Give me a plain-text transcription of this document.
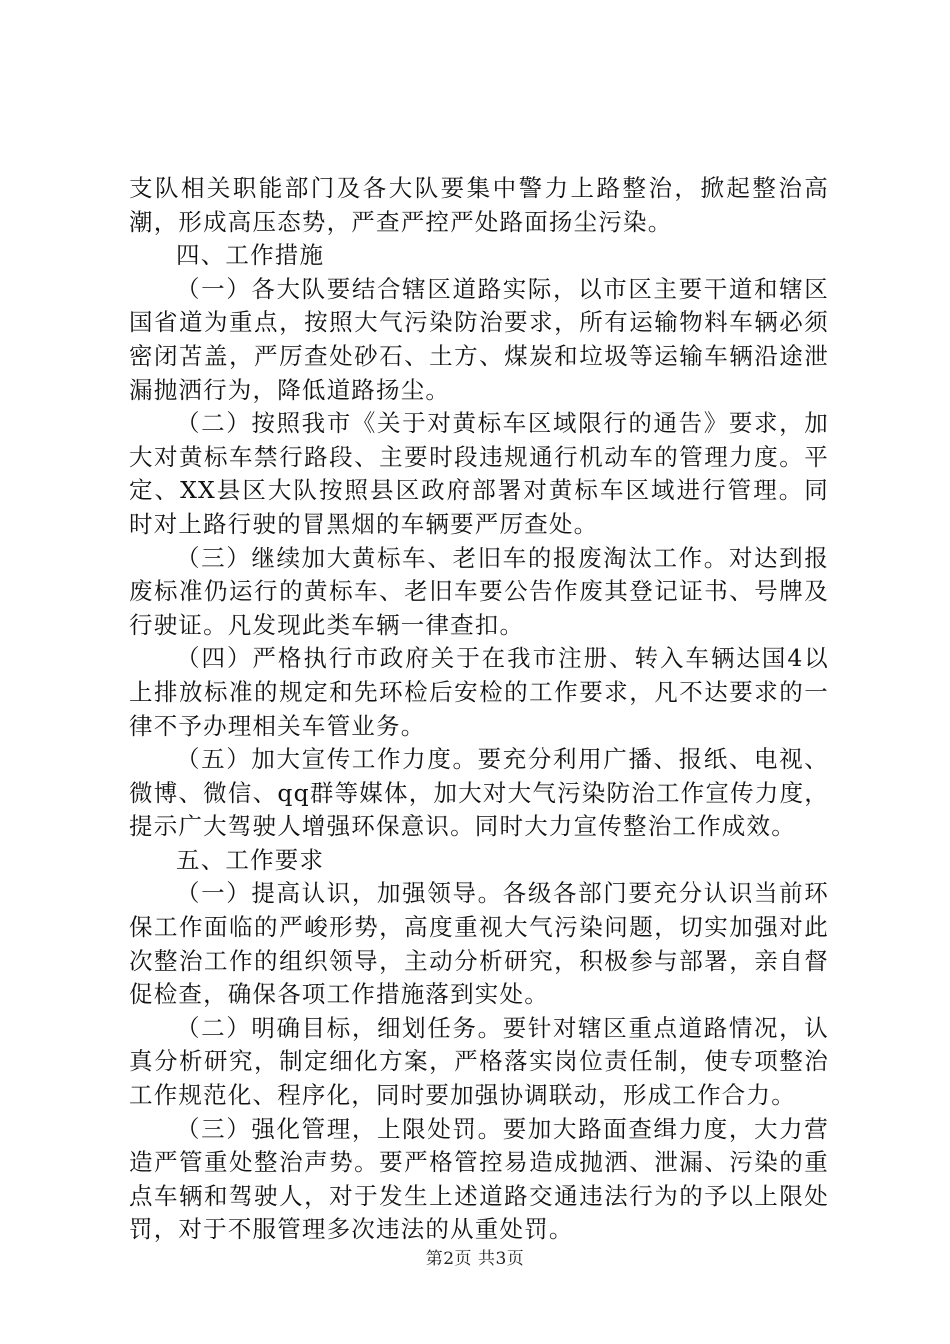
支队相关职能部门及各大队要集中警力上路整治，掀起整治高潮，形成高压态势，严查严控严处路面扬尘污染。

四、工作措施

（一）各大队要结合辖区道路实际，以市区主要干道和辖区国省道为重点，按照大气污染防治要求，所有运输物料车辆必须密闭苫盖，严厉查处砂石、土方、煤炭和垃圾等运输车辆沿途泄漏抛洒行为，降低道路扬尘。

（二）按照我市《关于对黄标车区域限行的通告》要求，加大对黄标车禁行路段、主要时段违规通行机动车的管理力度。平定、XX县区大队按照县区政府部署对黄标车区域进行管理。同时对上路行驶的冒黑烟的车辆要严厉查处。

（三）继续加大黄标车、老旧车的报废淘汰工作。对达到报废标准仍运行的黄标车、老旧车要公告作废其登记证书、号牌及行驶证。凡发现此类车辆一律查扣。

（四）严格执行市政府关于在我市注册、转入车辆达国4以上排放标准的规定和先环检后安检的工作要求，凡不达要求的一律不予办理相关车管业务。

（五）加大宣传工作力度。要充分利用广播、报纸、电视、微博、微信、qq群等媒体，加大对大气污染防治工作宣传力度，提示广大驾驶人增强环保意识。同时大力宣传整治工作成效。

五、工作要求

（一）提高认识，加强领导。各级各部门要充分认识当前环保工作面临的严峻形势，高度重视大气污染问题，切实加强对此次整治工作的组织领导，主动分析研究，积极参与部署，亲自督促检查，确保各项工作措施落到实处。

（二）明确目标，细划任务。要针对辖区重点道路情况，认真分析研究，制定细化方案，严格落实岗位责任制，使专项整治工作规范化、程序化，同时要加强协调联动，形成工作合力。

（三）强化管理，上限处罚。要加大路面查缉力度，大力营造严管重处整治声势。要严格管控易造成抛洒、泄漏、污染的重点车辆和驾驶人，对于发生上述道路交通违法行为的予以上限处罚，对于不服管理多次违法的从重处罚。

第2页 共3页
